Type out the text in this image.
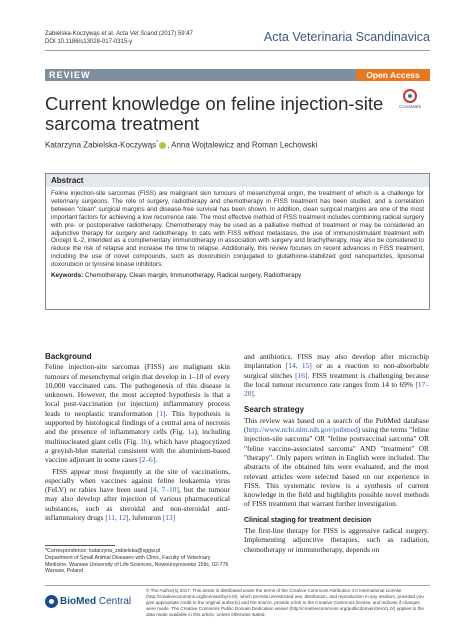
Zabielska-Koczywąs et al. Acta Vet Scand (2017) 59:47
DOI 10.1186/s13028-017-0315-y	Acta Veterinaria Scandinavica
REVIEW	Open Access
Current knowledge on feline injection-site sarcoma treatment
CrossMark
Katarzyna Zabielska-Koczywąs* , Anna Wojtalewicz and Roman Lechowski
Abstract
Feline injection-site sarcomas (FISS) are malignant skin tumours of mesenchymal origin, the treatment of which is a challenge for veterinary surgeons. The role of surgery, radiotherapy and chemotherapy in FISS treatment has been studied, and a correlation between "clean" surgical margins and disease-free survival has been shown. In addition, clean surgical margins are one of the most important factors for achieving a low recurrence rate. The most effective method of FISS treatment includes combining radical surgery with pre- or postoperative radiotherapy. Chemotherapy may be used as a palliative method of treatment or may be considered an adjunctive therapy for surgery and radiotherapy. In cats with FISS without metastasis, the use of immunostimulant treatment with Oncept IL-2, intended as a complementary immunotherapy in association with surgery and brachytherapy, may also be considered to reduce the risk of relapse and increase the time to relapse. Additionally, this review focuses on recent advances in FISS treatment, including the use of novel compounds, such as doxorubicin conjugated to glutathione-stabilized gold nanoparticles, liposomal doxorubicin or tyrosine kinase inhibitors.
Keywords: Chemotherapy, Clean margin, Immunotherapy, Radical surgery, Radiotherapy
Background

Feline injection-site sarcomas (FISS) are malignant skin tumours of mesenchymal origin that develop in 1–10 of every 10,000 vaccinated cats. The pathogenesis of this disease is unknown. However, the most accepted hypothesis is that a local post-vaccination (or injection) inflammatory process leads to neoplastic transformation [1]. This hypothesis is supported by histological findings of a central area of necrosis and the presence of inflammatory cells (Fig. 1a), including multinucleated giant cells (Fig. 1b), which have phagocytized a greyish-blue material consistent with the aluminium-based vaccine adjuvant in some cases [2–6].

FISS appear most frequently at the site of vaccinations, especially when vaccines against feline leukaemia virus (FeLV) or rabies have been used [4, 7–10], but the tumour may also develop after injection of various pharmaceutical substances, such as steroidal and non-steroidal anti-inflammatory drugs [11, 12], lufenuron [13]

and antibiotics. FISS may also develop after microchip implantation [14, 15] or as a reaction to non-absorbable surgical stitches [16]. FISS treatment is challenging because the local tumour recurrence rate ranges from 14 to 69% [17–20].

Search strategy

This review was based on a search of the PubMed database (http://www.ncbi.nlm.nih.gov/pubmed) using the terms "feline injection-site sarcoma" OR "feline postvaccinal sarcoma" OR "feline vaccine-associated sarcoma" AND "treatment" OR "therapy". Only papers written in English were included. The abstracts of the obtained hits were evaluated, and the most relevant articles were selected based on our experience in FISS. This systematic review is a synthesis of current knowledge in the field and highlights possible novel methods of FISS treatment that warrant further investigation.

Clinical staging for treatment decision

The first-line therapy for FISS is aggressive radical surgery. Implementing adjunctive therapies, such as radiation, chemotherapy or immunotherapy, depends on

*Correspondence: katarzyna_zabielska@sggw.pl
Department of Small Animal Diseases with Clinic, Faculty of Veterinary Medicine, Warsaw University of Life Sciences, Nowoursynowska 159c, 02-776 Warsaw, Poland
BioMed Central
© The Author(s) 2017. This article is distributed under the terms of the Creative Commons Attribution 4.0 International License (http://creativecommons.org/licenses/by/4.0/), which permits unrestricted use, distribution, and reproduction in any medium, provided you give appropriate credit to the original author(s) and the source, provide a link to the Creative Commons license, and indicate if changes were made. The Creative Commons Public Domain Dedication waiver (http://creativecommons.org/publicdomain/zero/1.0/) applies to the data made available in this article, unless otherwise stated.
